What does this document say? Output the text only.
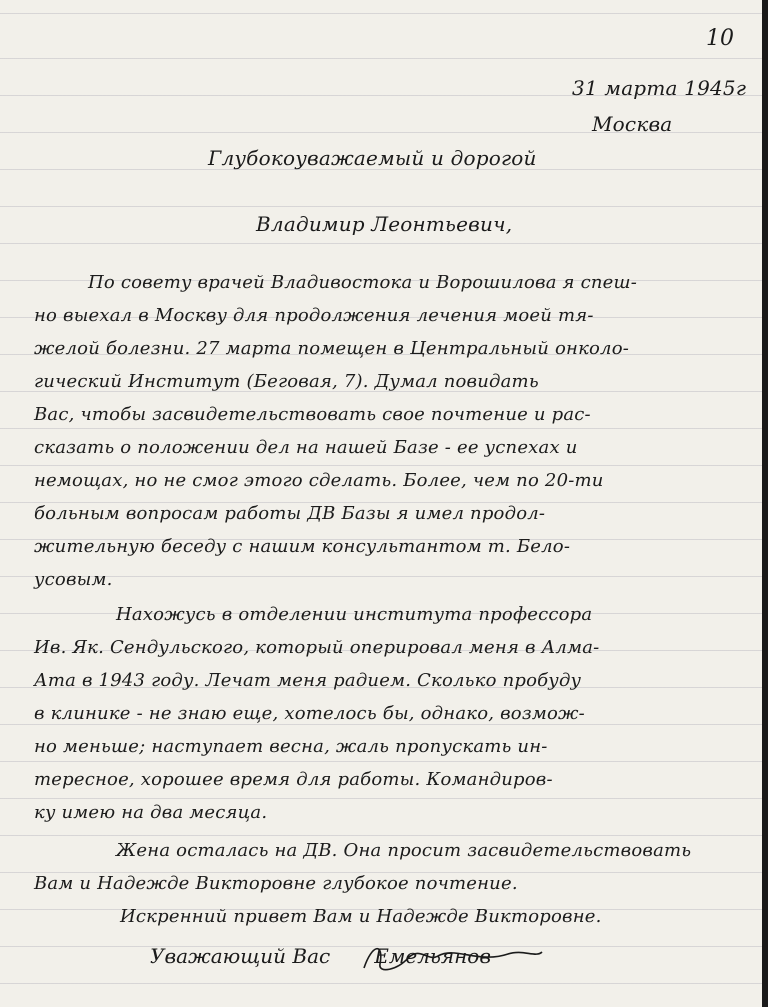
10
31 марта 1945г
Москва
Глубокоуважаемый и дорогой
Владимир Леонтьевич,
По совету врачей Владивостока и Ворошилова я спеш-
но выехал в Москву для продолжения лечения моей тя-
желой болезни. 27 марта помещен в Центральный онколо-
гический Институт (Беговая, 7). Думал повидать
Вас, чтобы засвидетельствовать свое почтение и рас-
сказать о положении дел на нашей Базе - ее успехах и
немощах, но не смог этого сделать. Более, чем по 20-ти
больным вопросам работы ДВ Базы я имел продол-
жительную беседу с нашим консультантом т. Бело-
усовым.
Нахожусь в отделении института профессора
Ив. Як. Сендульского, который оперировал меня в Алма-
Ата в 1943 году. Лечат меня радием. Сколько пробуду
в клинике - не знаю еще, хотелось бы, однако, возмож-
но меньше; наступает весна, жаль пропускать ин-
тересное, хорошее время для работы. Командиров-
ку имею на два месяца.
Жена осталась на ДВ. Она просит засвидетельствовать
Вам и Надежде Викторовне глубокое почтение.
Искренний привет Вам и Надежде Викторовне.
Уважающий Вас Емельянов
